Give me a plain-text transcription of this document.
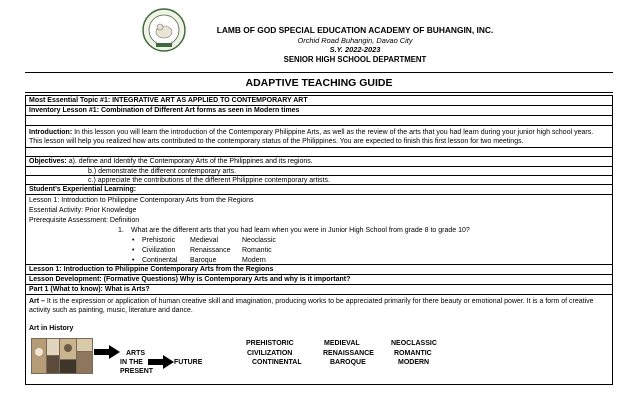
LAMB OF GOD SPECIAL EDUCATION ACADEMY OF BUHANGIN, INC.
Orchid Road Buhangin, Davao City
S.Y. 2022-2023
SENIOR HIGH SCHOOL DEPARTMENT
ADAPTIVE TEACHING GUIDE
Most Essential Topic #1: INTEGRATIVE ART AS APPLIED TO CONTEMPORARY ART
Inventory Lesson #1: Combination of Different Art forms as seen in Modern times
Introduction: In this lesson you will learn the introduction of the Contemporary Philippine Arts, as well as the review of the arts that you had learn during your junior high school years. This lesson will help you realized how arts contributed to the contemporary status of the Philippines. You are expected to finish this first lesson for two meetings.
Objectives: a). define and Identify the Contemporary Arts of the Philippines and its regions.
b.) demonstrate the different contemporary arts.
c.) appreciate the contributions of the different Philippine contemporary artists.
Student’s Experiential Learning:
Lesson 1: Introduction to Philippine Contemporary Arts from the Regions
Essential Activity: Prior Knowledge
Prerequisite Assessment: Definition
1. What are the different arts that you had learn when you were in Junior High School from grade 8 to grade 10?
• Prehistoric Medieval	Neoclassic
• Civilization Renaissance Romantic
• Continental Baroque	Modern
Lesson 1: Introduction to Philippine Contemporary Arts from the Regions
Lesson Development: (Formative Questions) Why is Contemporary Arts and why is it important?
Part 1 (What to know): What is Arts?
Art – It is the expression or application of human creative skill and imagination, producing works to be appreciated primarily for there beauty or emotional power. It is a form of creative activity such as painting, music, literature and dance.
Art in History
ARTS
IN THE	FUTURE
PRESENT
PREHISTORIC	MEDIEVAL	NEOCLASSIC
CIVILIZATION	RENAISSANCE	ROMANTIC
CONTINENTAL	BAROQUE	MODERN
